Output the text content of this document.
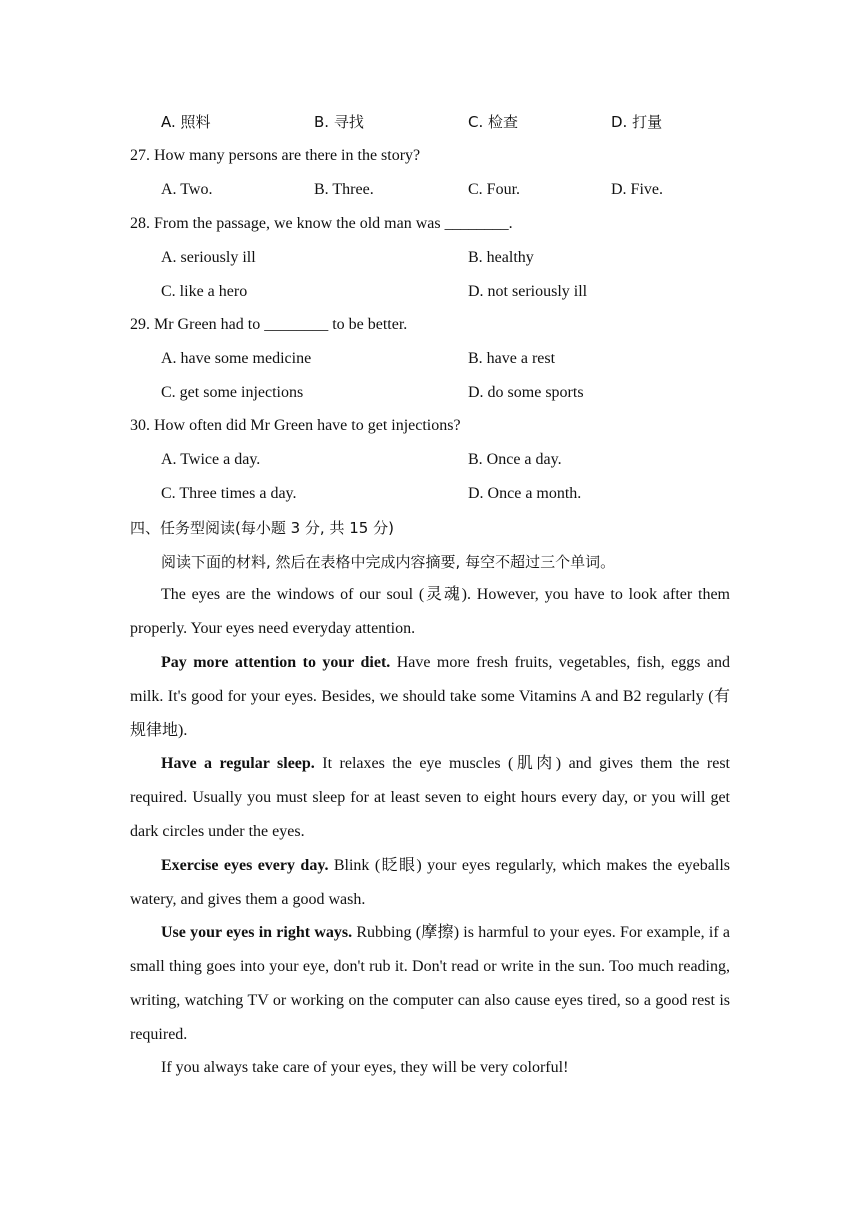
A. 照料	B. 寻找	C. 检查	D. 打量
27. How many persons are there in the story?
A. Two.	B. Three.	C. Four.	D. Five.
28. From the passage, we know the old man was ________.
A. seriously ill	B. healthy
C. like a hero	D. not seriously ill
29. Mr Green had to ________ to be better.
A. have some medicine	B. have a rest
C. get some injections	D. do some sports
30. How often did Mr Green have to get injections?
A. Twice a day.	B. Once a day.
C. Three times a day.	D. Once a month.
四、任务型阅读(每小题 3 分, 共 15 分)
阅读下面的材料, 然后在表格中完成内容摘要, 每空不超过三个单词。
The eyes are the windows of our soul (灵魂). However, you have to look after them properly. Your eyes need everyday attention.
Pay more attention to your diet. Have more fresh fruits, vegetables, fish, eggs and milk. It's good for your eyes. Besides, we should take some Vitamins A and B2 regularly (有规律地).
Have a regular sleep. It relaxes the eye muscles (肌肉) and gives them the rest required. Usually you must sleep for at least seven to eight hours every day, or you will get dark circles under the eyes.
Exercise eyes every day. Blink (眨眼) your eyes regularly, which makes the eyeballs watery, and gives them a good wash.
Use your eyes in right ways. Rubbing (摩擦) is harmful to your eyes. For example, if a small thing goes into your eye, don't rub it. Don't read or write in the sun. Too much reading, writing, watching TV or working on the computer can also cause eyes tired, so a good rest is required.
If you always take care of your eyes, they will be very colorful!
